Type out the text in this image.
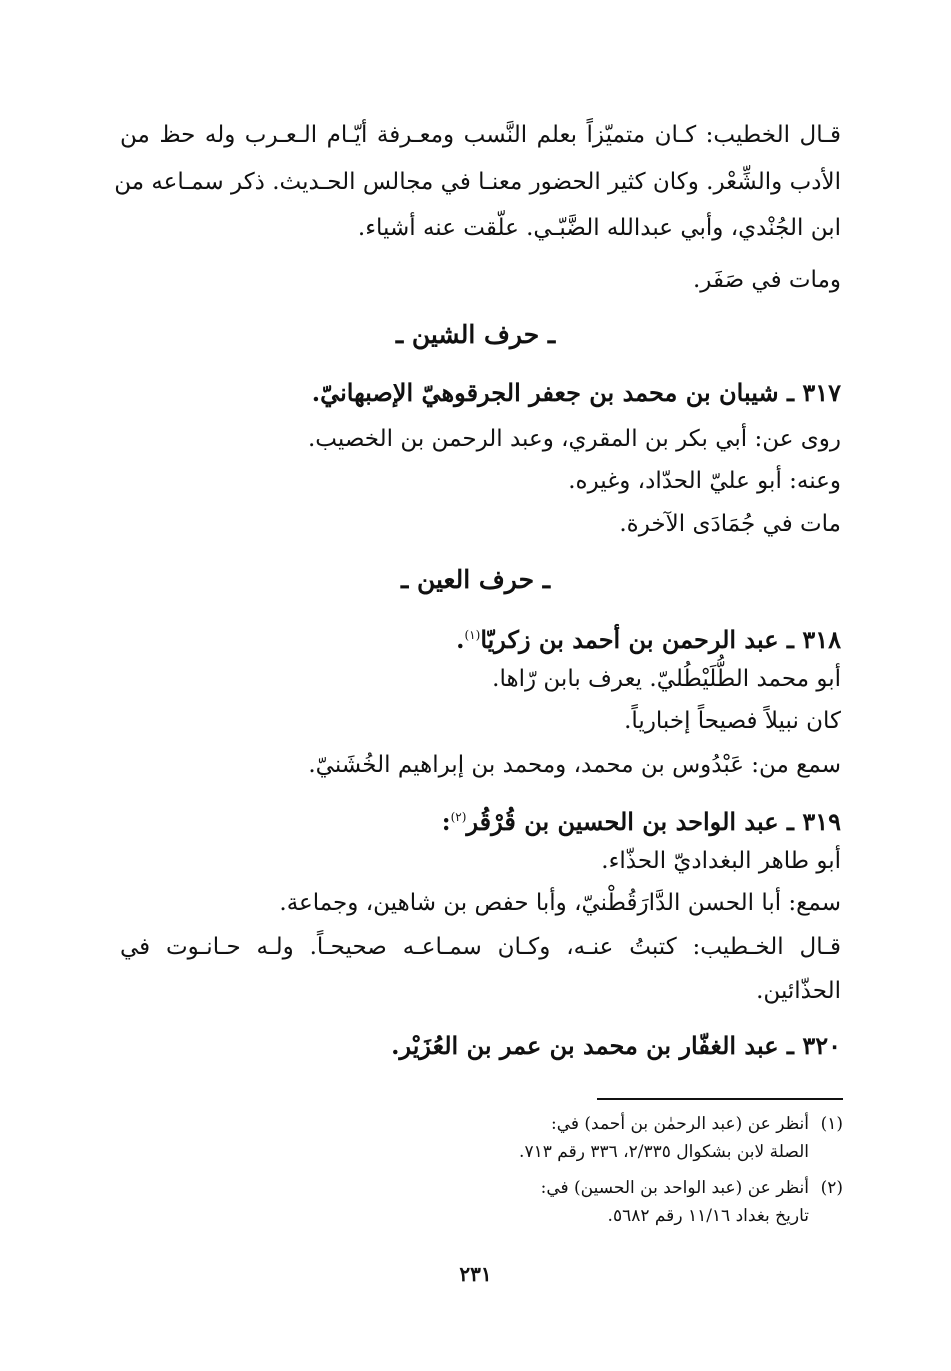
قـال الخطيب: كـان متميّزاً بعلم النَّسب ومعـرفة أيّـام الـعـرب وله حظ من
الأدب والشِّعْر. وكان كثير الحضور معنـا في مجالس الحـديث. ذكر سمـاعه من
ابن الجُنْدي، وأبي عبدالله الضَّبّـي. علّقت عنه أشياء.
ومات في صَفَر.
ـ حرف الشين ـ
٣١٧ ـ شيبان بن محمد بن جعفر الجرقوهيّ الإصبهانيّ.
روى عن: أبي بكر بن المقري، وعبد الرحمن بن الخصيب.
وعنه: أبو عليّ الحدّاد، وغيره.
مات في جُمَادَى الآخرة.
ـ حرف العين ـ
٣١٨ ـ عبد الرحمن بن أحمد بن زكريّا$^{(١)}$.
أبو محمد الطُّلَيْطُليّ. يعرف بابن رّاها.
كان نبيلاً فصيحاً إخبارياً.
سمع من: عَبْدُوس بن محمد، ومحمد بن إبراهيم الخُشَنيّ.
٣١٩ ـ عبد الواحد بن الحسين بن قُرْقُر$^{(٢)}$:
أبو طاهر البغداديّ الحذّاء.
سمع: أبا الحسن الدَّارَقُطْنيّ، وأبا حفص بن شاهين، وجماعة.
قـال الخـطيب: كتبتُ عنـه، وكـان سمـاعـه صحيحـاً. ولـه حـانـوت في
الحذّائين.
٣٢٠ ـ عبد الغفّار بن محمد بن عمر بن العُزَيْر.
(١)أنظر عن (عبد الرحمٰن بن أحمد) في:
الصلة لابن بشكوال ٢/٣٣٥، ٣٣٦ رقم ٧١٣.
(٢)أنظر عن (عبد الواحد بن الحسين) في:
تاريخ بغداد ١١/١٦ رقم ٥٦٨٢.
٢٣١
